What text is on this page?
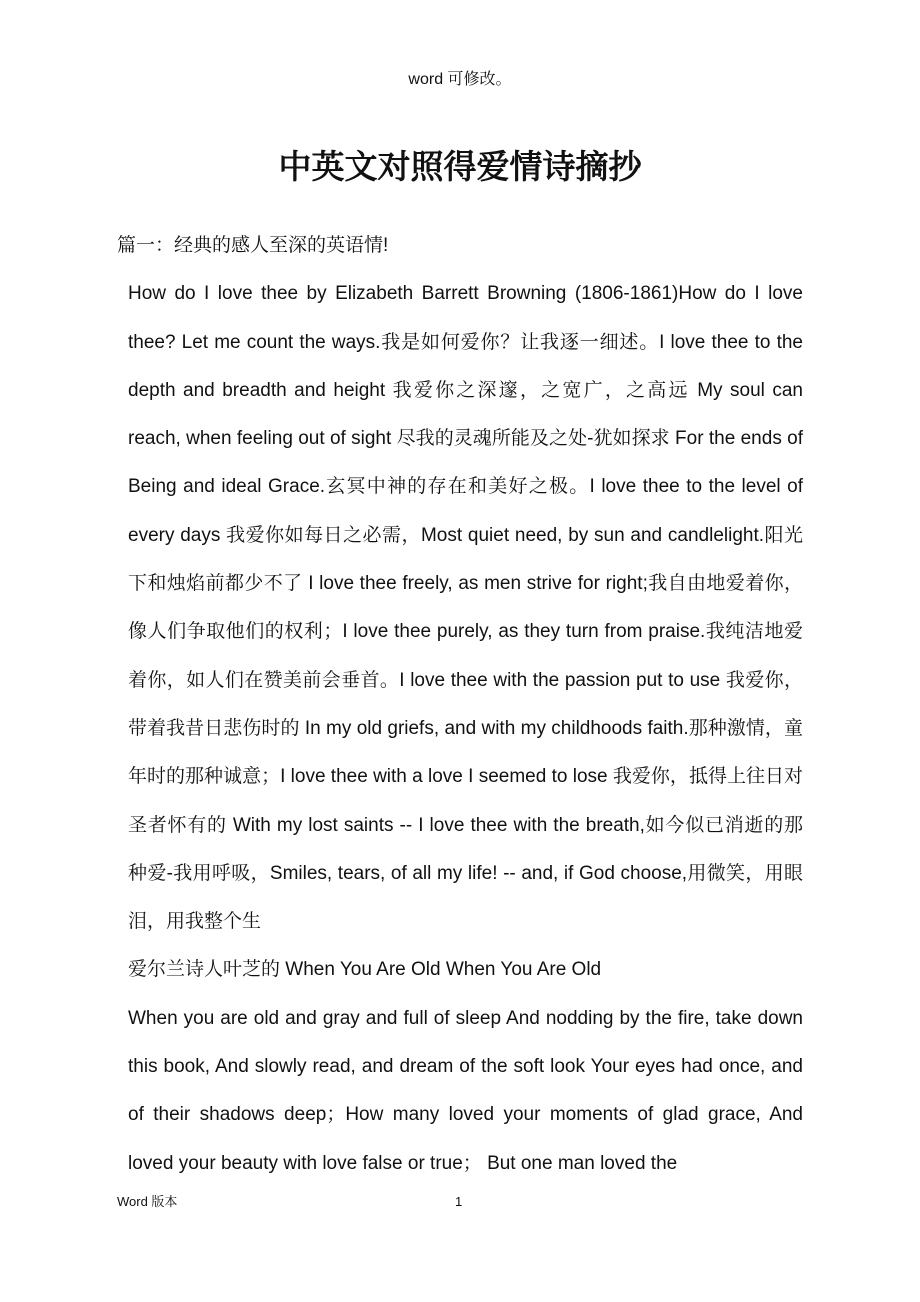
word 可修改。
中英文对照得爱情诗摘抄

篇一：经典的感人至深的英语情!

How do I love thee by Elizabeth Barrett Browning (1806-1861)How do I love thee? Let me count the ways.我是如何爱你？让我逐一细述。I love thee to the depth and breadth and height 我爱你之深邃，之宽广，之高远 My soul can reach, when feeling out of sight 尽我的灵魂所能及之处-犹如探求 For the ends of Being and ideal Grace.玄冥中神的存在和美好之极。I love thee to the level of every days 我爱你如每日之必需，Most quiet need, by sun and candlelight.阳光下和烛焰前都少不了 I love thee freely, as men strive for right;我自由地爱着你，像人们争取他们的权利；I love thee purely, as they turn from praise.我纯洁地爱着你，如人们在赞美前会垂首。I love thee with the passion put to use 我爱你，带着我昔日悲伤时的 In my old griefs, and with my childhoods faith.那种激情，童年时的那种诚意；I love thee with a love I seemed to lose 我爱你，抵得上往日对圣者怀有的 With my lost saints -- I love thee with the breath,如今似已消逝的那种爱-我用呼吸，Smiles, tears, of all my life! -- and, if God choose,用微笑，用眼泪，用我整个生

爱尔兰诗人叶芝的 When You Are Old When You Are Old

When you are old and gray and full of sleep And nodding by the fire, take down this book, And slowly read, and dream of the soft look Your eyes had once, and of their shadows deep；How many loved your moments of glad grace, And loved your beauty with love false or true； But one man loved the

Word 版本	1
